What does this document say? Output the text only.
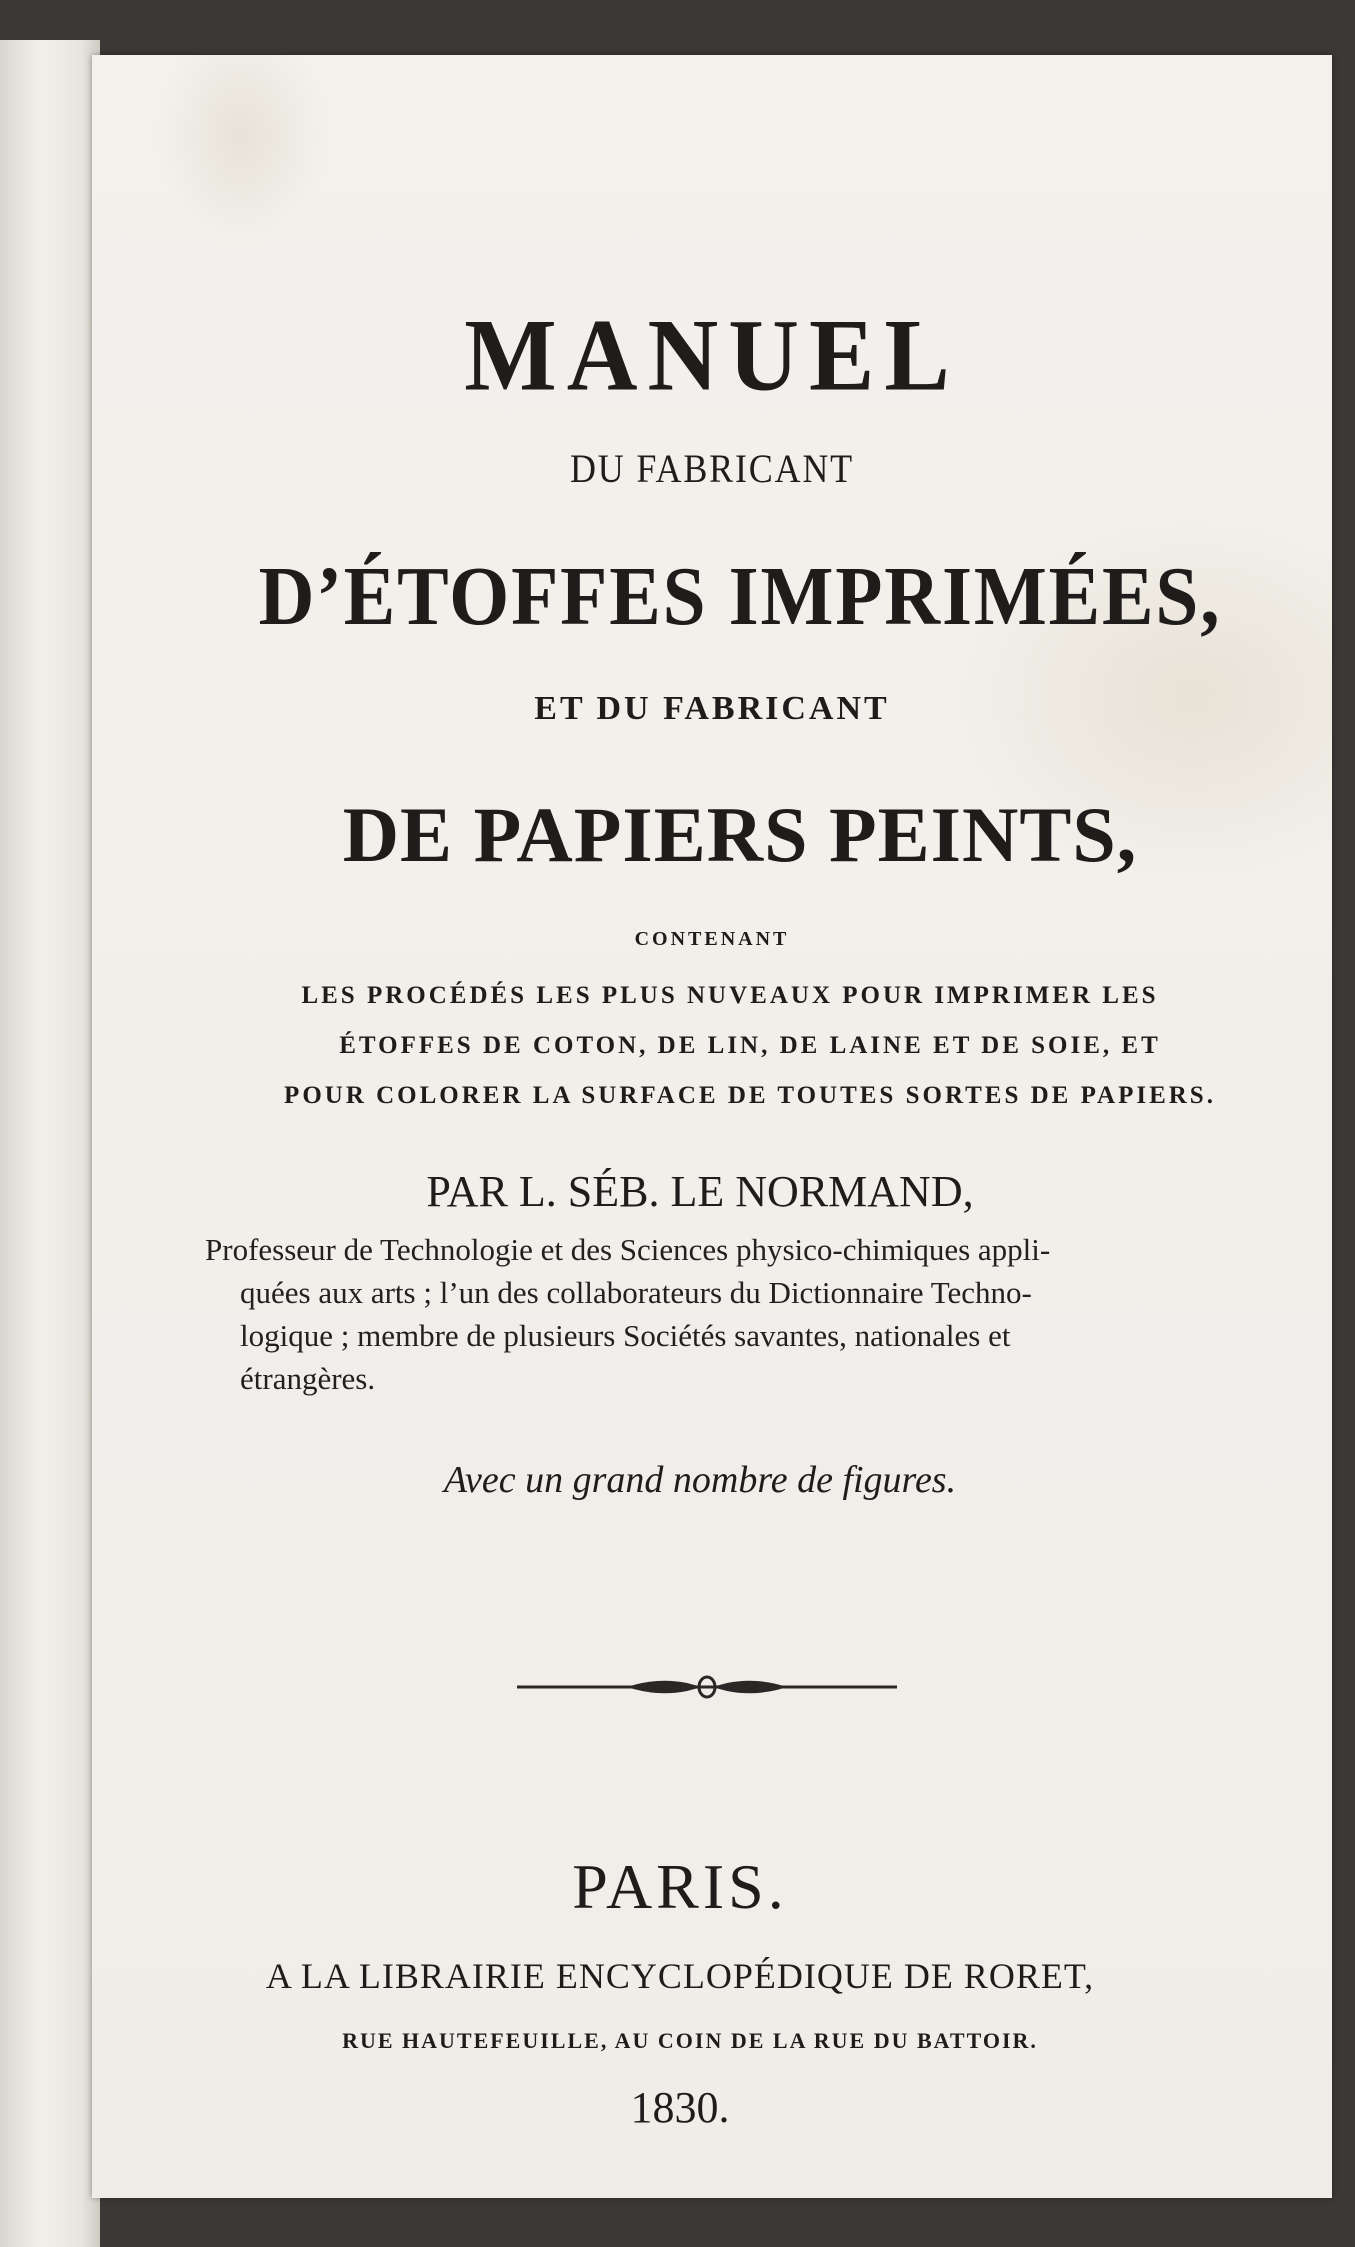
MANUEL
DU FABRICANT
D’ÉTOFFES IMPRIMÉES,
ET DU FABRICANT
DE PAPIERS PEINTS,
CONTENANT
LES PROCÉDÉS LES PLUS NUVEAUX POUR IMPRIMER LES
ÉTOFFES DE COTON, DE LIN, DE LAINE ET DE SOIE, ET
POUR COLORER LA SURFACE DE TOUTES SORTES DE PAPIERS.
PAR L. SÉB. LE NORMAND,
Professeur de Technologie et des Sciences physico-chimiques appli-
quées aux arts ; l’un des collaborateurs du Dictionnaire Techno-
logique ; membre de plusieurs Sociétés savantes, nationales et
étrangères.
Avec un grand nombre de figures.
PARIS.
A LA LIBRAIRIE ENCYCLOPÉDIQUE DE RORET,
RUE HAUTEFEUILLE, AU COIN DE LA RUE DU BATTOIR.
1830.
